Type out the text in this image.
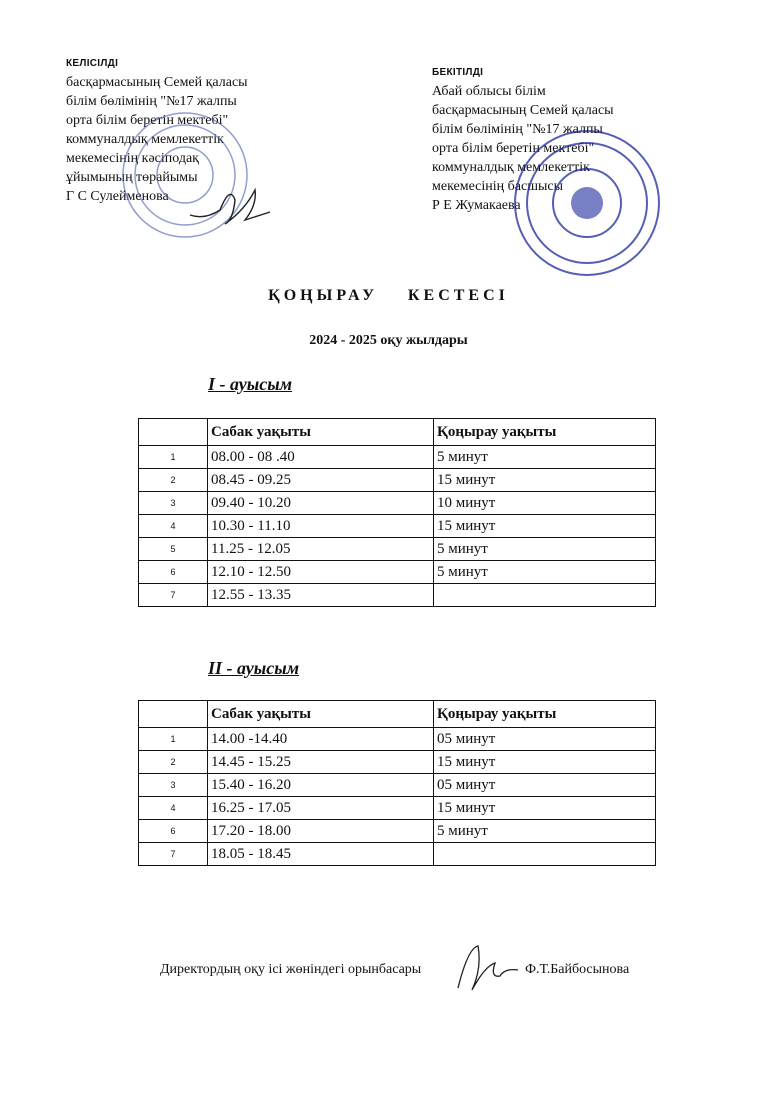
КЕЛІСІЛДІ
басқармасының Семей қаласы
білім бөлімінің "№17 жалпы
орта білім беретін мектебі"
коммуналдық мемлекеттік
мекемесінің кәсіподақ
ұйымының төрайымы
Г С Сулейменова
БЕКІТІЛДІ
Абай облысы білім
басқармасының Семей қаласы
білім бөлімінің "№17 жалпы
орта білім беретін мектебі"
коммуналдық мемлекеттік
мекемесінің басшысы
Р Е Жумакаева
ҚОҢЫРАУ КЕСТЕСІ
2024 - 2025 оқу жылдары
I - ауысым
	Сабак уақыты	Қоңырау уақыты
1	08.00 - 08 .40	5 минут
2	08.45 - 09.25	15 минут
3	09.40 - 10.20	10 минут
4	10.30 - 11.10	15 минут
5	11.25 - 12.05	5 минут
6	12.10 - 12.50	5 минут
7	12.55 - 13.35	
II - ауысым
	Сабак уақыты	Қоңырау уақыты
1	14.00 -14.40	05 минут
2	14.45 - 15.25	15 минут
3	15.40 - 16.20	05 минут
4	16.25 - 17.05	15 минут
6	17.20 - 18.00	5 минут
7	18.05 - 18.45	
Директордың оқу ісі жөніндегі орынбасары	Ф.Т.Байбосынова
